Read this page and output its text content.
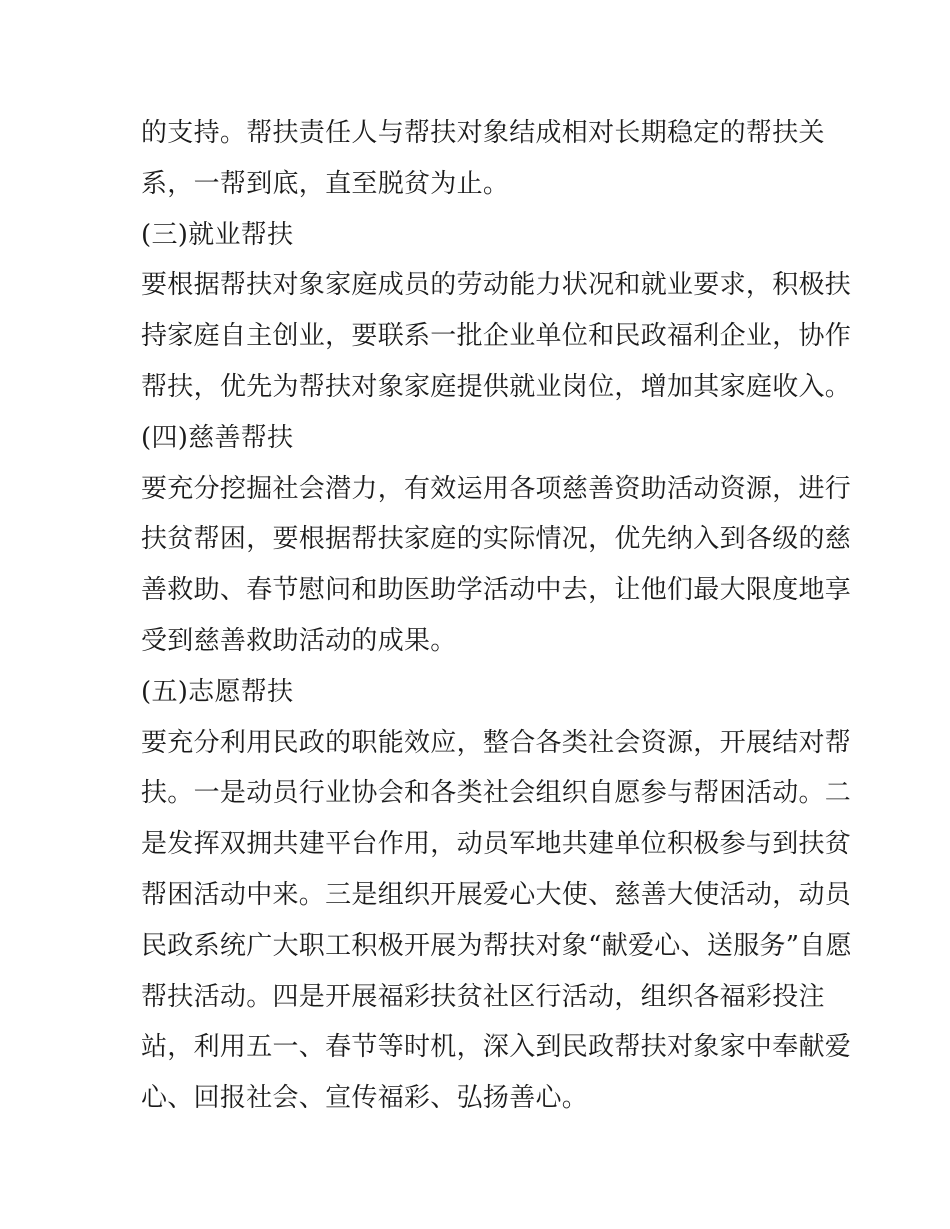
的支持。帮扶责任人与帮扶对象结成相对长期稳定的帮扶关
系，一帮到底，直至脱贫为止。
(三)就业帮扶
要根据帮扶对象家庭成员的劳动能力状况和就业要求，积极扶
持家庭自主创业，要联系一批企业单位和民政福利企业，协作
帮扶，优先为帮扶对象家庭提供就业岗位，增加其家庭收入。
(四)慈善帮扶
要充分挖掘社会潜力，有效运用各项慈善资助活动资源，进行
扶贫帮困，要根据帮扶家庭的实际情况，优先纳入到各级的慈
善救助、春节慰问和助医助学活动中去，让他们最大限度地享
受到慈善救助活动的成果。
(五)志愿帮扶
要充分利用民政的职能效应，整合各类社会资源，开展结对帮
扶。一是动员行业协会和各类社会组织自愿参与帮困活动。二
是发挥双拥共建平台作用，动员军地共建单位积极参与到扶贫
帮困活动中来。三是组织开展爱心大使、慈善大使活动，动员
民政系统广大职工积极开展为帮扶对象“献爱心、送服务”自愿
帮扶活动。四是开展福彩扶贫社区行活动，组织各福彩投注
站，利用五一、春节等时机，深入到民政帮扶对象家中奉献爱
心、回报社会、宣传福彩、弘扬善心。
